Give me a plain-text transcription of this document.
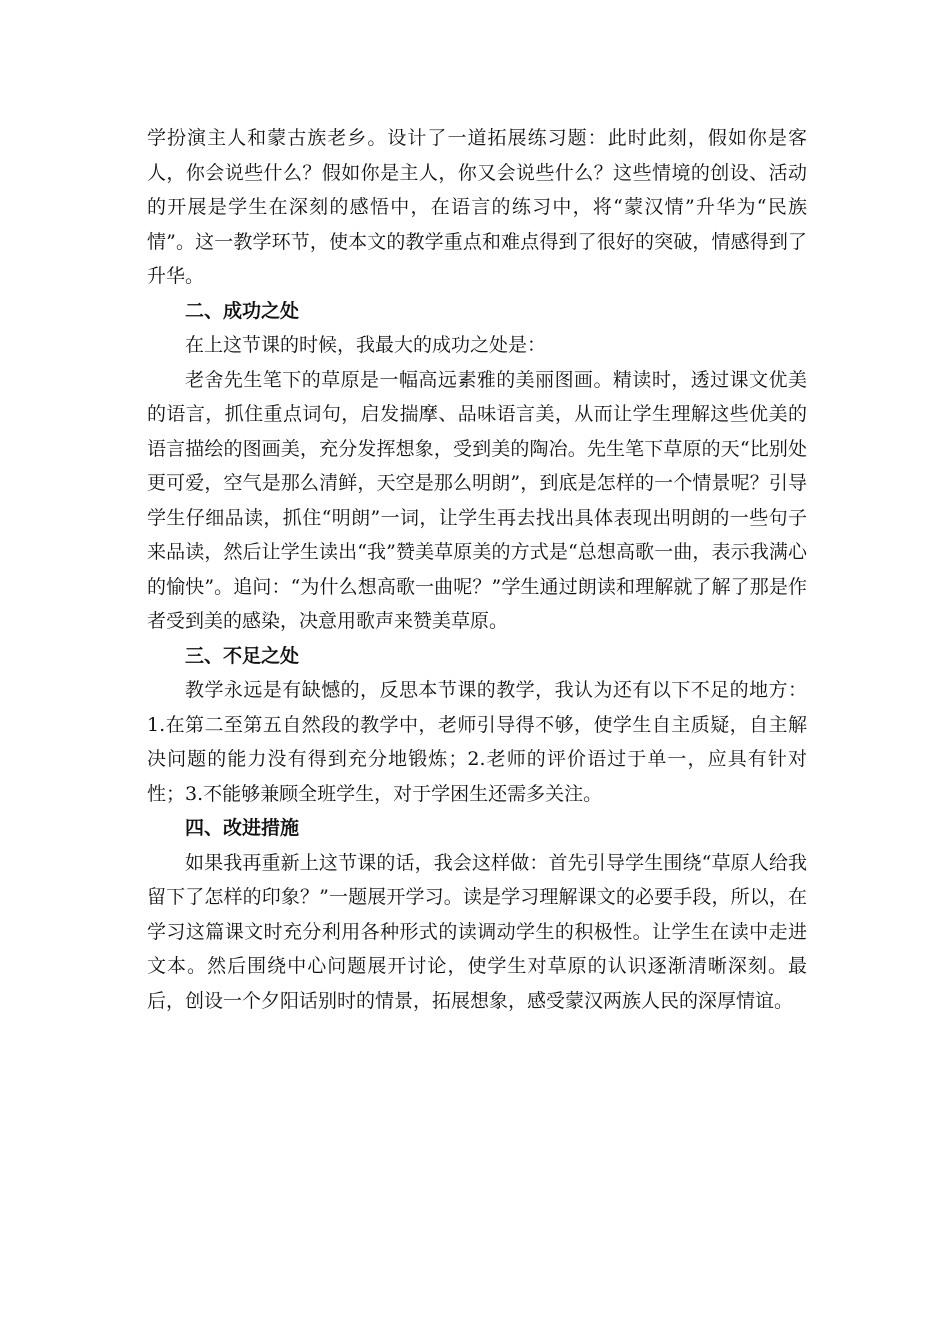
学扮演主人和蒙古族老乡。设计了一道拓展练习题：此时此刻，假如你是客人，你会说些什么？假如你是主人，你又会说些什么？这些情境的创设、活动的开展是学生在深刻的感悟中，在语言的练习中，将“蒙汉情”升华为“民族情”。这一教学环节，使本文的教学重点和难点得到了很好的突破，情感得到了升华。

二、成功之处

在上这节课的时候，我最大的成功之处是：

老舍先生笔下的草原是一幅高远素雅的美丽图画。精读时，透过课文优美的语言，抓住重点词句，启发揣摩、品味语言美，从而让学生理解这些优美的语言描绘的图画美，充分发挥想象，受到美的陶冶。先生笔下草原的天“比别处更可爱，空气是那么清鲜，天空是那么明朗”，到底是怎样的一个情景呢？引导学生仔细品读，抓住“明朗”一词，让学生再去找出具体表现出明朗的一些句子来品读，然后让学生读出“我”赞美草原美的方式是“总想高歌一曲，表示我满心的愉快”。追问：“为什么想高歌一曲呢？”学生通过朗读和理解就了解了那是作者受到美的感染，决意用歌声来赞美草原。

三、不足之处

教学永远是有缺憾的，反思本节课的教学，我认为还有以下不足的地方：1.在第二至第五自然段的教学中，老师引导得不够，使学生自主质疑，自主解决问题的能力没有得到充分地锻炼；2.老师的评价语过于单一，应具有针对性；3.不能够兼顾全班学生，对于学困生还需多关注。

四、改进措施

如果我再重新上这节课的话，我会这样做：首先引导学生围绕“草原人给我留下了怎样的印象？”一题展开学习。读是学习理解课文的必要手段，所以，在学习这篇课文时充分利用各种形式的读调动学生的积极性。让学生在读中走进文本。然后围绕中心问题展开讨论，使学生对草原的认识逐渐清晰深刻。最后，创设一个夕阳话别时的情景，拓展想象，感受蒙汉两族人民的深厚情谊。
